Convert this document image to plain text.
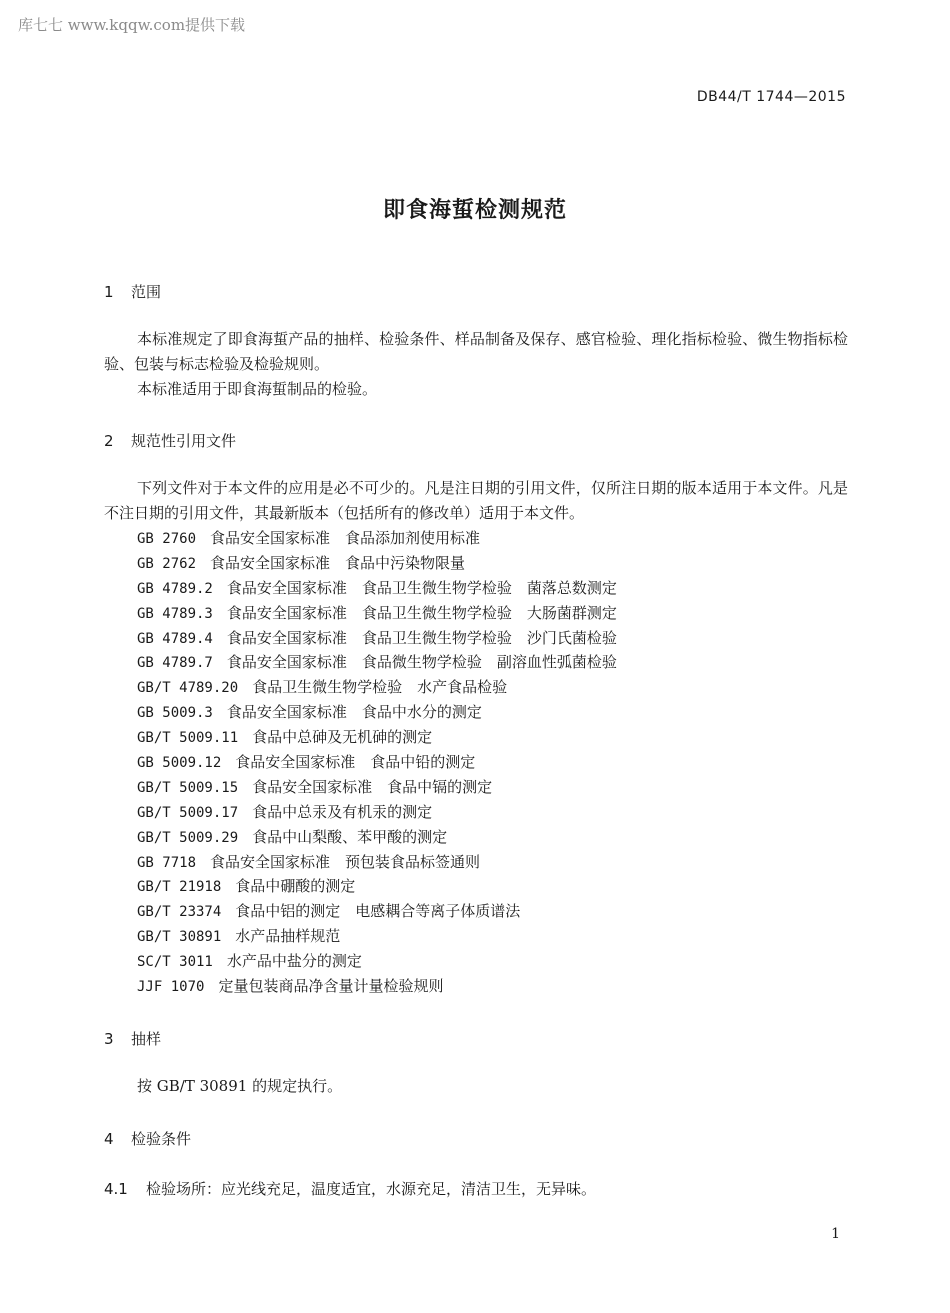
库七七 www.kqqw.com提供下载
DB44/T 1744—2015
即食海蜇检测规范
1 范围
本标准规定了即食海蜇产品的抽样、检验条件、样品制备及保存、感官检验、理化指标检验、微生物指标检验、包装与标志检验及检验规则。
本标准适用于即食海蜇制品的检验。
2 规范性引用文件
下列文件对于本文件的应用是必不可少的。凡是注日期的引用文件，仅所注日期的版本适用于本文件。凡是不注日期的引用文件，其最新版本（包括所有的修改单）适用于本文件。
GB 2760 食品安全国家标准　食品添加剂使用标准
GB 2762 食品安全国家标准　食品中污染物限量
GB 4789.2 食品安全国家标准　食品卫生微生物学检验　菌落总数测定
GB 4789.3 食品安全国家标准　食品卫生微生物学检验　大肠菌群测定
GB 4789.4 食品安全国家标准　食品卫生微生物学检验　沙门氏菌检验
GB 4789.7 食品安全国家标准　食品微生物学检验　副溶血性弧菌检验
GB/T 4789.20 食品卫生微生物学检验　水产食品检验
GB 5009.3 食品安全国家标准　食品中水分的测定
GB/T 5009.11 食品中总砷及无机砷的测定
GB 5009.12 食品安全国家标准　食品中铅的测定
GB/T 5009.15 食品安全国家标准　食品中镉的测定
GB/T 5009.17 食品中总汞及有机汞的测定
GB/T 5009.29 食品中山梨酸、苯甲酸的测定
GB 7718 食品安全国家标准　预包装食品标签通则
GB/T 21918 食品中硼酸的测定
GB/T 23374 食品中铝的测定　电感耦合等离子体质谱法
GB/T 30891 水产品抽样规范
SC/T 3011 水产品中盐分的测定
JJF 1070 定量包装商品净含量计量检验规则
3 抽样
按 GB/T 30891 的规定执行。
4 检验条件
4.1 检验场所：应光线充足，温度适宜，水源充足，清洁卫生，无异味。
1
